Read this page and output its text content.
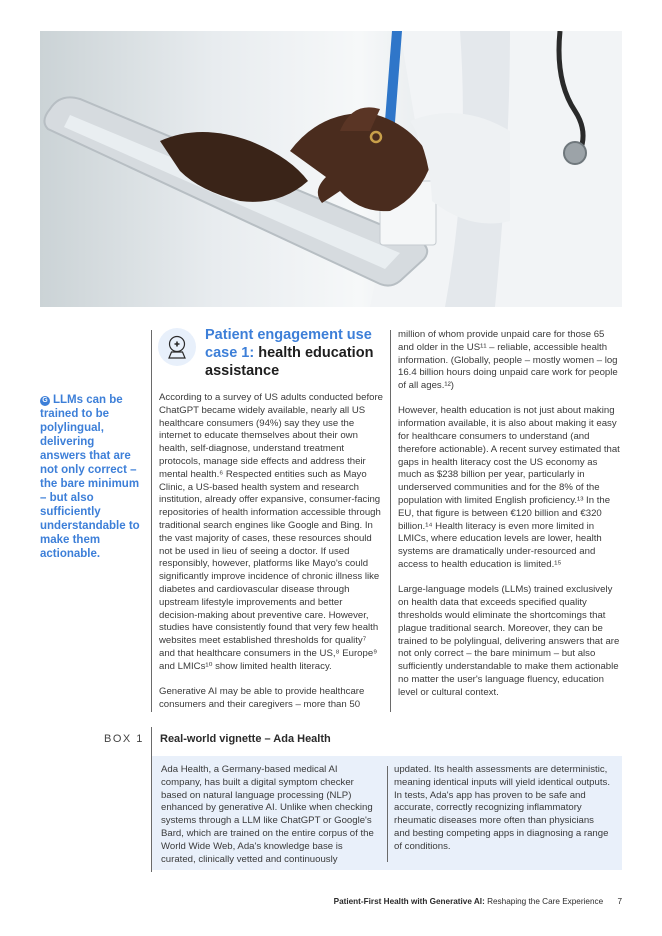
G LLMs can be trained to be polylingual, delivering answers that are not only correct – the bare minimum – but also sufficiently understandable to make them actionable.
Patient engagement use case 1: health education assistance

According to a survey of US adults conducted before ChatGPT became widely available, nearly all US healthcare consumers (94%) say they use the internet to educate themselves about their own health, self-diagnose, understand treatment protocols, manage side effects and address their mental health.⁶ Respected entities such as Mayo Clinic, a US-based health system and research institution, already offer expansive, consumer-facing repositories of health information accessible through traditional search engines like Google and Bing. In the vast majority of cases, these resources should not be used in lieu of seeing a doctor. If used responsibly, however, platforms like Mayo's could significantly improve incidence of chronic illness like diabetes and cardiovascular disease through upstream lifestyle improvements and better decision-making about preventive care. However, studies have consistently found that very few health websites meet established thresholds for quality⁷ and that healthcare consumers in the US,⁸ Europe⁹ and LMICs¹⁰ show limited health literacy.

Generative AI may be able to provide healthcare consumers and their caregivers – more than 50

million of whom provide unpaid care for those 65 and older in the US¹¹ – reliable, accessible health information. (Globally, people – mostly women – log 16.4 billion hours doing unpaid care work for people of all ages.¹²)

However, health education is not just about making information available, it is also about making it easy for healthcare consumers to understand (and therefore actionable). A recent survey estimated that gaps in health literacy cost the US economy as much as $238 billion per year, particularly in underserved communities and for the 8% of the population with limited English proficiency.¹³ In the EU, that figure is between €120 billion and €320 billion.¹⁴ Health literacy is even more limited in LMICs, where education levels are lower, health systems are dramatically under-resourced and access to health education is limited.¹⁵

Large-language models (LLMs) trained exclusively on health data that exceeds specified quality thresholds would eliminate the shortcomings that plague traditional search. Moreover, they can be trained to be polylingual, delivering answers that are not only correct – the bare minimum – but also sufficiently understandable to make them actionable no matter the user's language fluency, education level or cultural context.

BOX 1 Real-world vignette – Ada Health

Ada Health, a Germany-based medical AI company, has built a digital symptom checker based on natural language processing (NLP) enhanced by generative AI. Unlike when checking systems through a LLM like ChatGPT or Google's Bard, which are trained on the entire corpus of the World Wide Web, Ada's knowledge base is curated, clinically vetted and continuously

updated. Its health assessments are deterministic, meaning identical inputs will yield identical outputs. In tests, Ada's app has proven to be safe and accurate, correctly recognizing inflammatory rheumatic diseases more often than physicians and besting competing apps in diagnosing a range of conditions.

Patient-First Health with Generative AI: Reshaping the Care Experience 7
